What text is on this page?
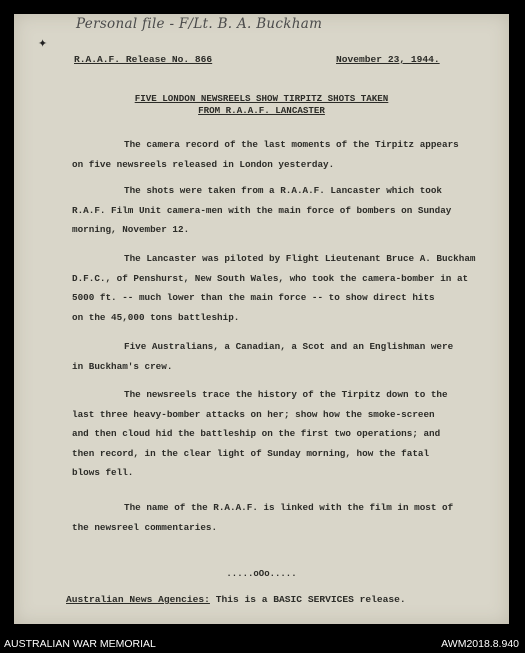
Personal file - F/Lt. B. A. Buckham
✦
R.A.A.F. Release No. 866	November 23, 1944.
FIVE LONDON NEWSREELS SHOW TIRPITZ SHOTS TAKEN
FROM R.A.A.F. LANCASTER
The camera record of the last moments of the Tirpitz appears
on five newsreels released in London yesterday.
The shots were taken from a R.A.A.F. Lancaster which took
R.A.F. Film Unit camera-men with the main force of bombers on Sunday
morning, November 12.
The Lancaster was piloted by Flight Lieutenant Bruce A. Buckham
D.F.C., of Penshurst, New South Wales, who took the camera-bomber in at
5000 ft. -- much lower than the main force -- to show direct hits
on the 45,000 tons battleship.
Five Australians, a Canadian, a Scot and an Englishman were
in Buckham's crew.
The newsreels trace the history of the Tirpitz down to the
last three heavy-bomber attacks on her; show how the smoke-screen
and then cloud hid the battleship on the first two operations; and
then record, in the clear light of Sunday morning, how the fatal
blows fell.
The name of the R.A.A.F. is linked with the film in most of
the newsreel commentaries.
.....oOo.....
Australian News Agencies: This is a BASIC SERVICES release.
AUSTRALIAN WAR MEMORIAL	AWM2018.8.940
